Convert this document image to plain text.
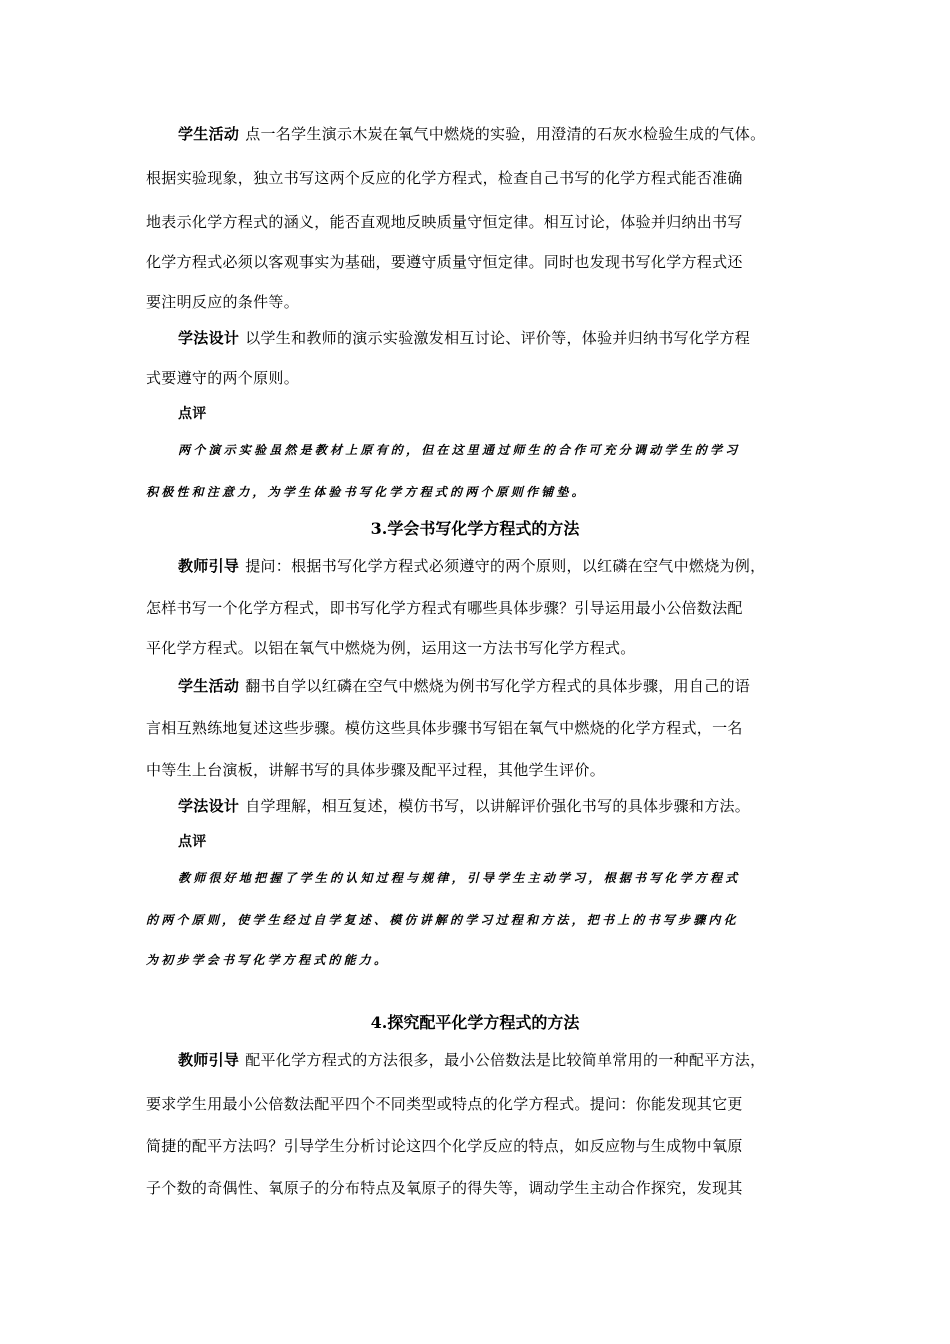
学生活动 点一名学生演示木炭在氧气中燃烧的实验，用澄清的石灰水检验生成的气体。
根据实验现象，独立书写这两个反应的化学方程式，检查自己书写的化学方程式能否准确
地表示化学方程式的涵义，能否直观地反映质量守恒定律。相互讨论，体验并归纳出书写
化学方程式必须以客观事实为基础，要遵守质量守恒定律。同时也发现书写化学方程式还
要注明反应的条件等。
学法设计 以学生和教师的演示实验激发相互讨论、评价等，体验并归纳书写化学方程
式要遵守的两个原则。
点评
两个演示实验虽然是教材上原有的，但在这里通过师生的合作可充分调动学生的学习
积极性和注意力，为学生体验书写化学方程式的两个原则作铺垫。
3.学会书写化学方程式的方法
教师引导 提问：根据书写化学方程式必须遵守的两个原则，以红磷在空气中燃烧为例，
怎样书写一个化学方程式，即书写化学方程式有哪些具体步骤？引导运用最小公倍数法配
平化学方程式。以铝在氧气中燃烧为例，运用这一方法书写化学方程式。
学生活动 翻书自学以红磷在空气中燃烧为例书写化学方程式的具体步骤，用自己的语
言相互熟练地复述这些步骤。模仿这些具体步骤书写铝在氧气中燃烧的化学方程式，一名
中等生上台演板，讲解书写的具体步骤及配平过程，其他学生评价。
学法设计 自学理解，相互复述，模仿书写，以讲解评价强化书写的具体步骤和方法。
点评
教师很好地把握了学生的认知过程与规律，引导学生主动学习，根据书写化学方程式
的两个原则，使学生经过自学复述、模仿讲解的学习过程和方法，把书上的书写步骤内化
为初步学会书写化学方程式的能力。
4.探究配平化学方程式的方法
教师引导 配平化学方程式的方法很多，最小公倍数法是比较简单常用的一种配平方法，
要求学生用最小公倍数法配平四个不同类型或特点的化学方程式。提问：你能发现其它更
简捷的配平方法吗？引导学生分析讨论这四个化学反应的特点，如反应物与生成物中氧原
子个数的奇偶性、氧原子的分布特点及氧原子的得失等，调动学生主动合作探究，发现其
